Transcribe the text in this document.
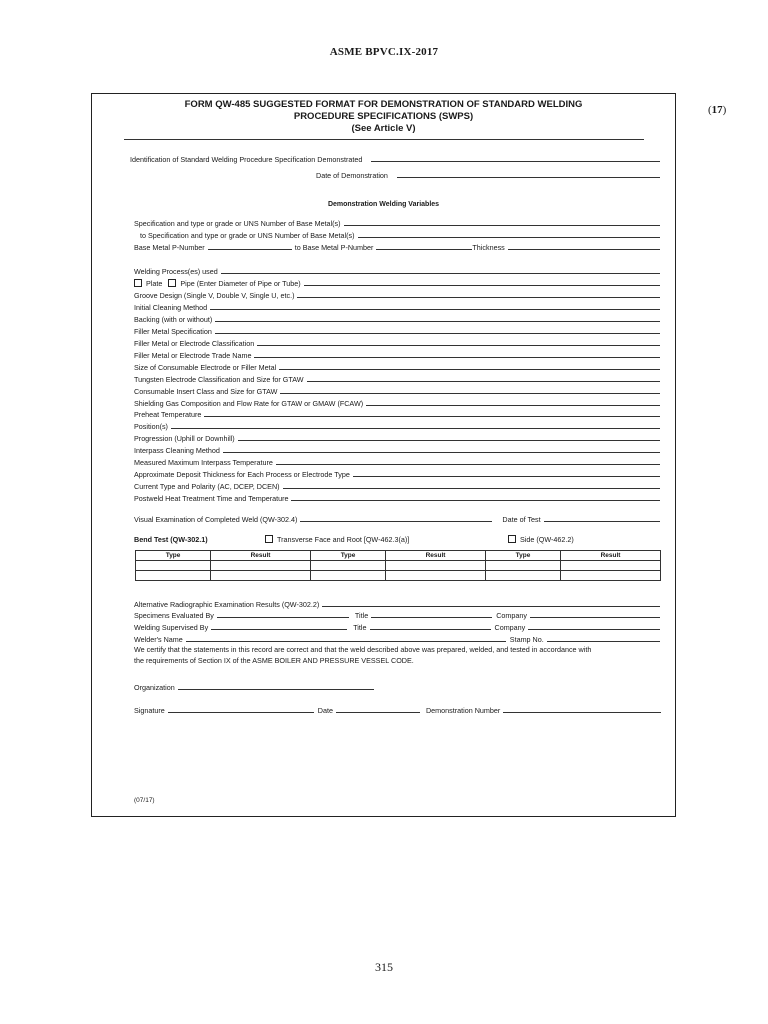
ASME BPVC.IX-2017
(17)
FORM QW-485 SUGGESTED FORMAT FOR DEMONSTRATION OF STANDARD WELDING
PROCEDURE SPECIFICATIONS (SWPS)
(See Article V)
Identification of Standard Welding Procedure Specification Demonstrated
Date of Demonstration
Demonstration Welding Variables
Specification and type or grade or UNS Number of Base Metal(s)
to Specification and type or grade or UNS Number of Base Metal(s)
Base Metal P-Number	to Base Metal P-Number	Thickness
Welding Process(es) used
Plate	Pipe (Enter Diameter of Pipe or Tube)
Groove Design (Single V, Double V, Single U, etc.)
Initial Cleaning Method
Backing (with or without)
Filler Metal Specification
Filler Metal or Electrode Classification
Filler Metal or Electrode Trade Name
Size of Consumable Electrode or Filler Metal
Tungsten Electrode Classification and Size for GTAW
Consumable Insert Class and Size for GTAW
Shielding Gas Composition and Flow Rate for GTAW or GMAW (FCAW)
Preheat Temperature
Position(s)
Progression (Uphill or Downhill)
Interpass Cleaning Method
Measured Maximum Interpass Temperature
Approximate Deposit Thickness for Each Process or Electrode Type
Current Type and Polarity (AC, DCEP, DCEN)
Postweld Heat Treatment Time and Temperature
Visual Examination of Completed Weld (QW-302.4)	Date of Test
Bend Test (QW-302.1)	Transverse Face and Root [QW-462.3(a)]	Side (QW-462.2)
Type	Result	Type	Result	Type	Result

Alternative Radiographic Examination Results (QW-302.2)
Specimens Evaluated By	Title	Company
Welding Supervised By	Title	Company
Welder's Name	Stamp No.
We certify that the statements in this record are correct and that the weld described above was prepared, welded, and tested in accordance with
the requirements of Section IX of the ASME BOILER AND PRESSURE VESSEL CODE.
Organization
Signature	Date	Demonstration Number
(07/17)
315
